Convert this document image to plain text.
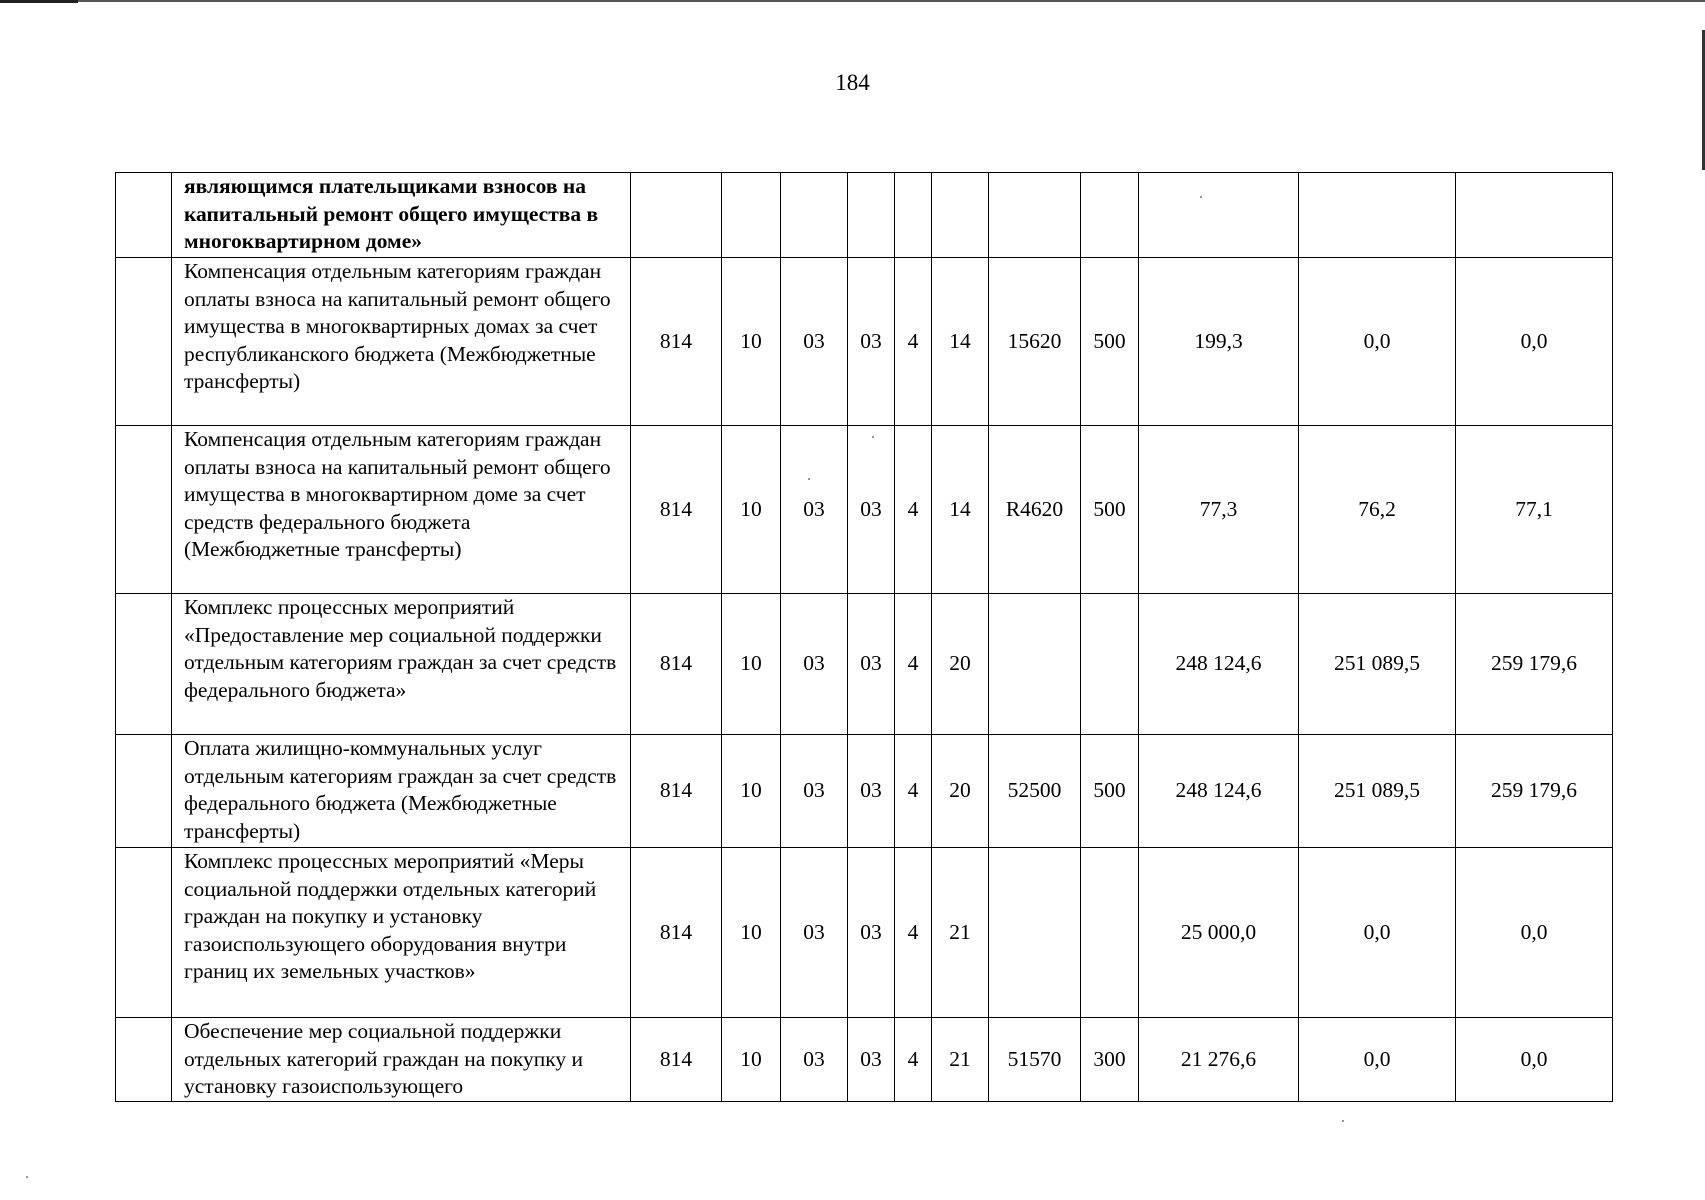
184
	являющимся плательщиками взносов на капитальный ремонт общего имущества в многоквартирном доме»											
	Компенсация отдельным категориям граждан оплаты взноса на капитальный ремонт общего имущества в многоквартирных домах за счет республиканского бюджета (Межбюджетные трансферты)	814	10	03	03	4	14	15620	500	199,3	0,0	0,0
	Компенсация отдельным категориям граждан оплаты взноса на капитальный ремонт общего имущества в многоквартирном доме за счет средств федерального бюджета (Межбюджетные трансферты)	814	10	03	03	4	14	R4620	500	77,3	76,2	77,1
	Комплекс процессных мероприятий «Предоставление мер социальной поддержки отдельным категориям граждан за счет средств федерального бюджета»	814	10	03	03	4	20			248 124,6	251 089,5	259 179,6
	Оплата жилищно-коммунальных услуг отдельным категориям граждан за счет средств федерального бюджета (Межбюджетные трансферты)	814	10	03	03	4	20	52500	500	248 124,6	251 089,5	259 179,6
	Комплекс процессных мероприятий «Меры социальной поддержки отдельных категорий граждан на покупку и установку газоиспользующего оборудования внутри границ их земельных участков»	814	10	03	03	4	21			25 000,0	0,0	0,0
	Обеспечение мер социальной поддержки отдельных категорий граждан на покупку и установку газоиспользующего	814	10	03	03	4	21	51570	300	21 276,6	0,0	0,0
